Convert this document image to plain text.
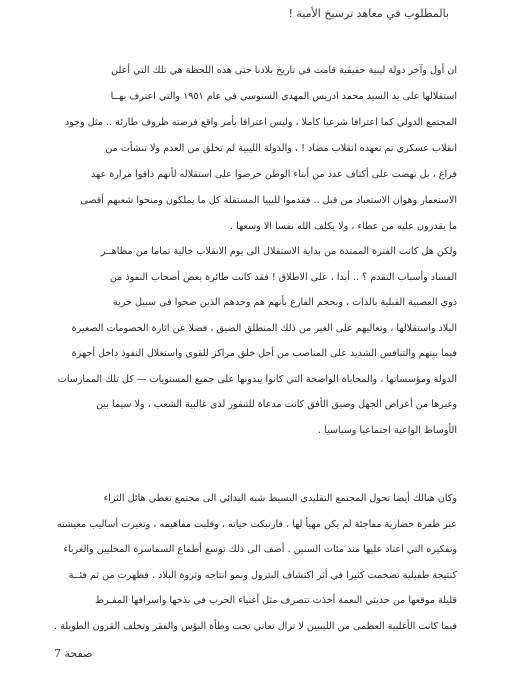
بالمطلوب في معاهد ترسيخ الأمية !
ان أول وآخر دولة ليبية حقيقية قامت في تاريخ بلادنا حتى هذه اللحظة هي تلك التي أعلن
استقلالها على يد السيد محمد ادريس المهدي السنوسي في عام ١٩٥١ والتي اعترف بهــا
المجتمع الدولي كما اعترافا شرعيا كاملا ، وليس اعترافا بأمر واقع فرضته ظروف طارئة .. مثل وجود
انقلاب عسكري تم تعهده انقلاب مضاد ! ، والدولة الليبية لم تخلق من العدم ولا تنشأت من
فراغ ، بل نهضت على أكتاف عدد من أبناء الوطن حرصوا على استقلاله لأنهم ذاقوا مرارة عهد
الاستعمار وهوان الاستعباد من قبل .. فقدموا لليبيا المستقلة كل ما يملكون ومنحوا شعبهم أقصى
ما يقدرون عليه من عطاء ، ولا يكلف الله نفسا الا وسعها .
ولكن هل كانت الفترة الممتدة من بداية الاستقلال الى يوم الانقلاب خالية تماما من مظاهــر
الفساد وأسباب التقدم ؟ .. أبدا ، على الاطلاق ! فقد كانت طائرة بعض أصحاب النفوذ من
ذوي العصبية القبلية بالذات ، وبحجم الفارغ بأنهم هم وحدهم الذين ضحوا في سبيل حرية
البلاد واستقلالها ، وتعاليهم على الغير من ذلك المنطلق الضيق ، فضلا عن اثارة الخصومات الصغيرة
فيما بينهم والتنافس الشديد على المناصب من أجل خلق مراكز للقوى واستغلال النفوذ داخل أجهزة
الدولة ومؤسساتها ، والمحاباة الواضحة التي كانوا يبدونها على جميع المستويات — كل تلك الممارسات
وغيرها من أعراض الجهل وضيق الأفق كانت مدعاة للتنفور لدى غالبية الشعب ، ولا سيما بين
الأوساط الواعية اجتماعيا وسياسيا .
وكان هنالك أيضا تحول المجتمع التقليدي البسيط شبه البدائي الى مجتمع تغطي هائل الثراء
عبر طفرة حضارية مفاجئة لم يكن مهيأ لها ، فارتبكت حياته ، وقلبت مفاهيمه ، وتغيرت أساليب معيشته
وتفكيره التي اعتاد عليها منذ مئات السنين . أضف الى ذلك توسع أطماع السماسرة المحليين والغرباء
كنتيجة طفيلية تضخمت كثيرا في أثر اكتشاف البترول ونمو انتاجه وثروة البلاد . فظهرت من ثم فئــة
قليلة موقعها من حديثي النعمة أخذت تتصرف مثل أغنياء الحرب في بذخها واسرافها المفـرط
فيما كانت الأغلبية العظمى من الليبيين لا تزال تعاني تحت وطأة البؤس والفقر وتخلف القرون الطويلة .
صفحة 7
